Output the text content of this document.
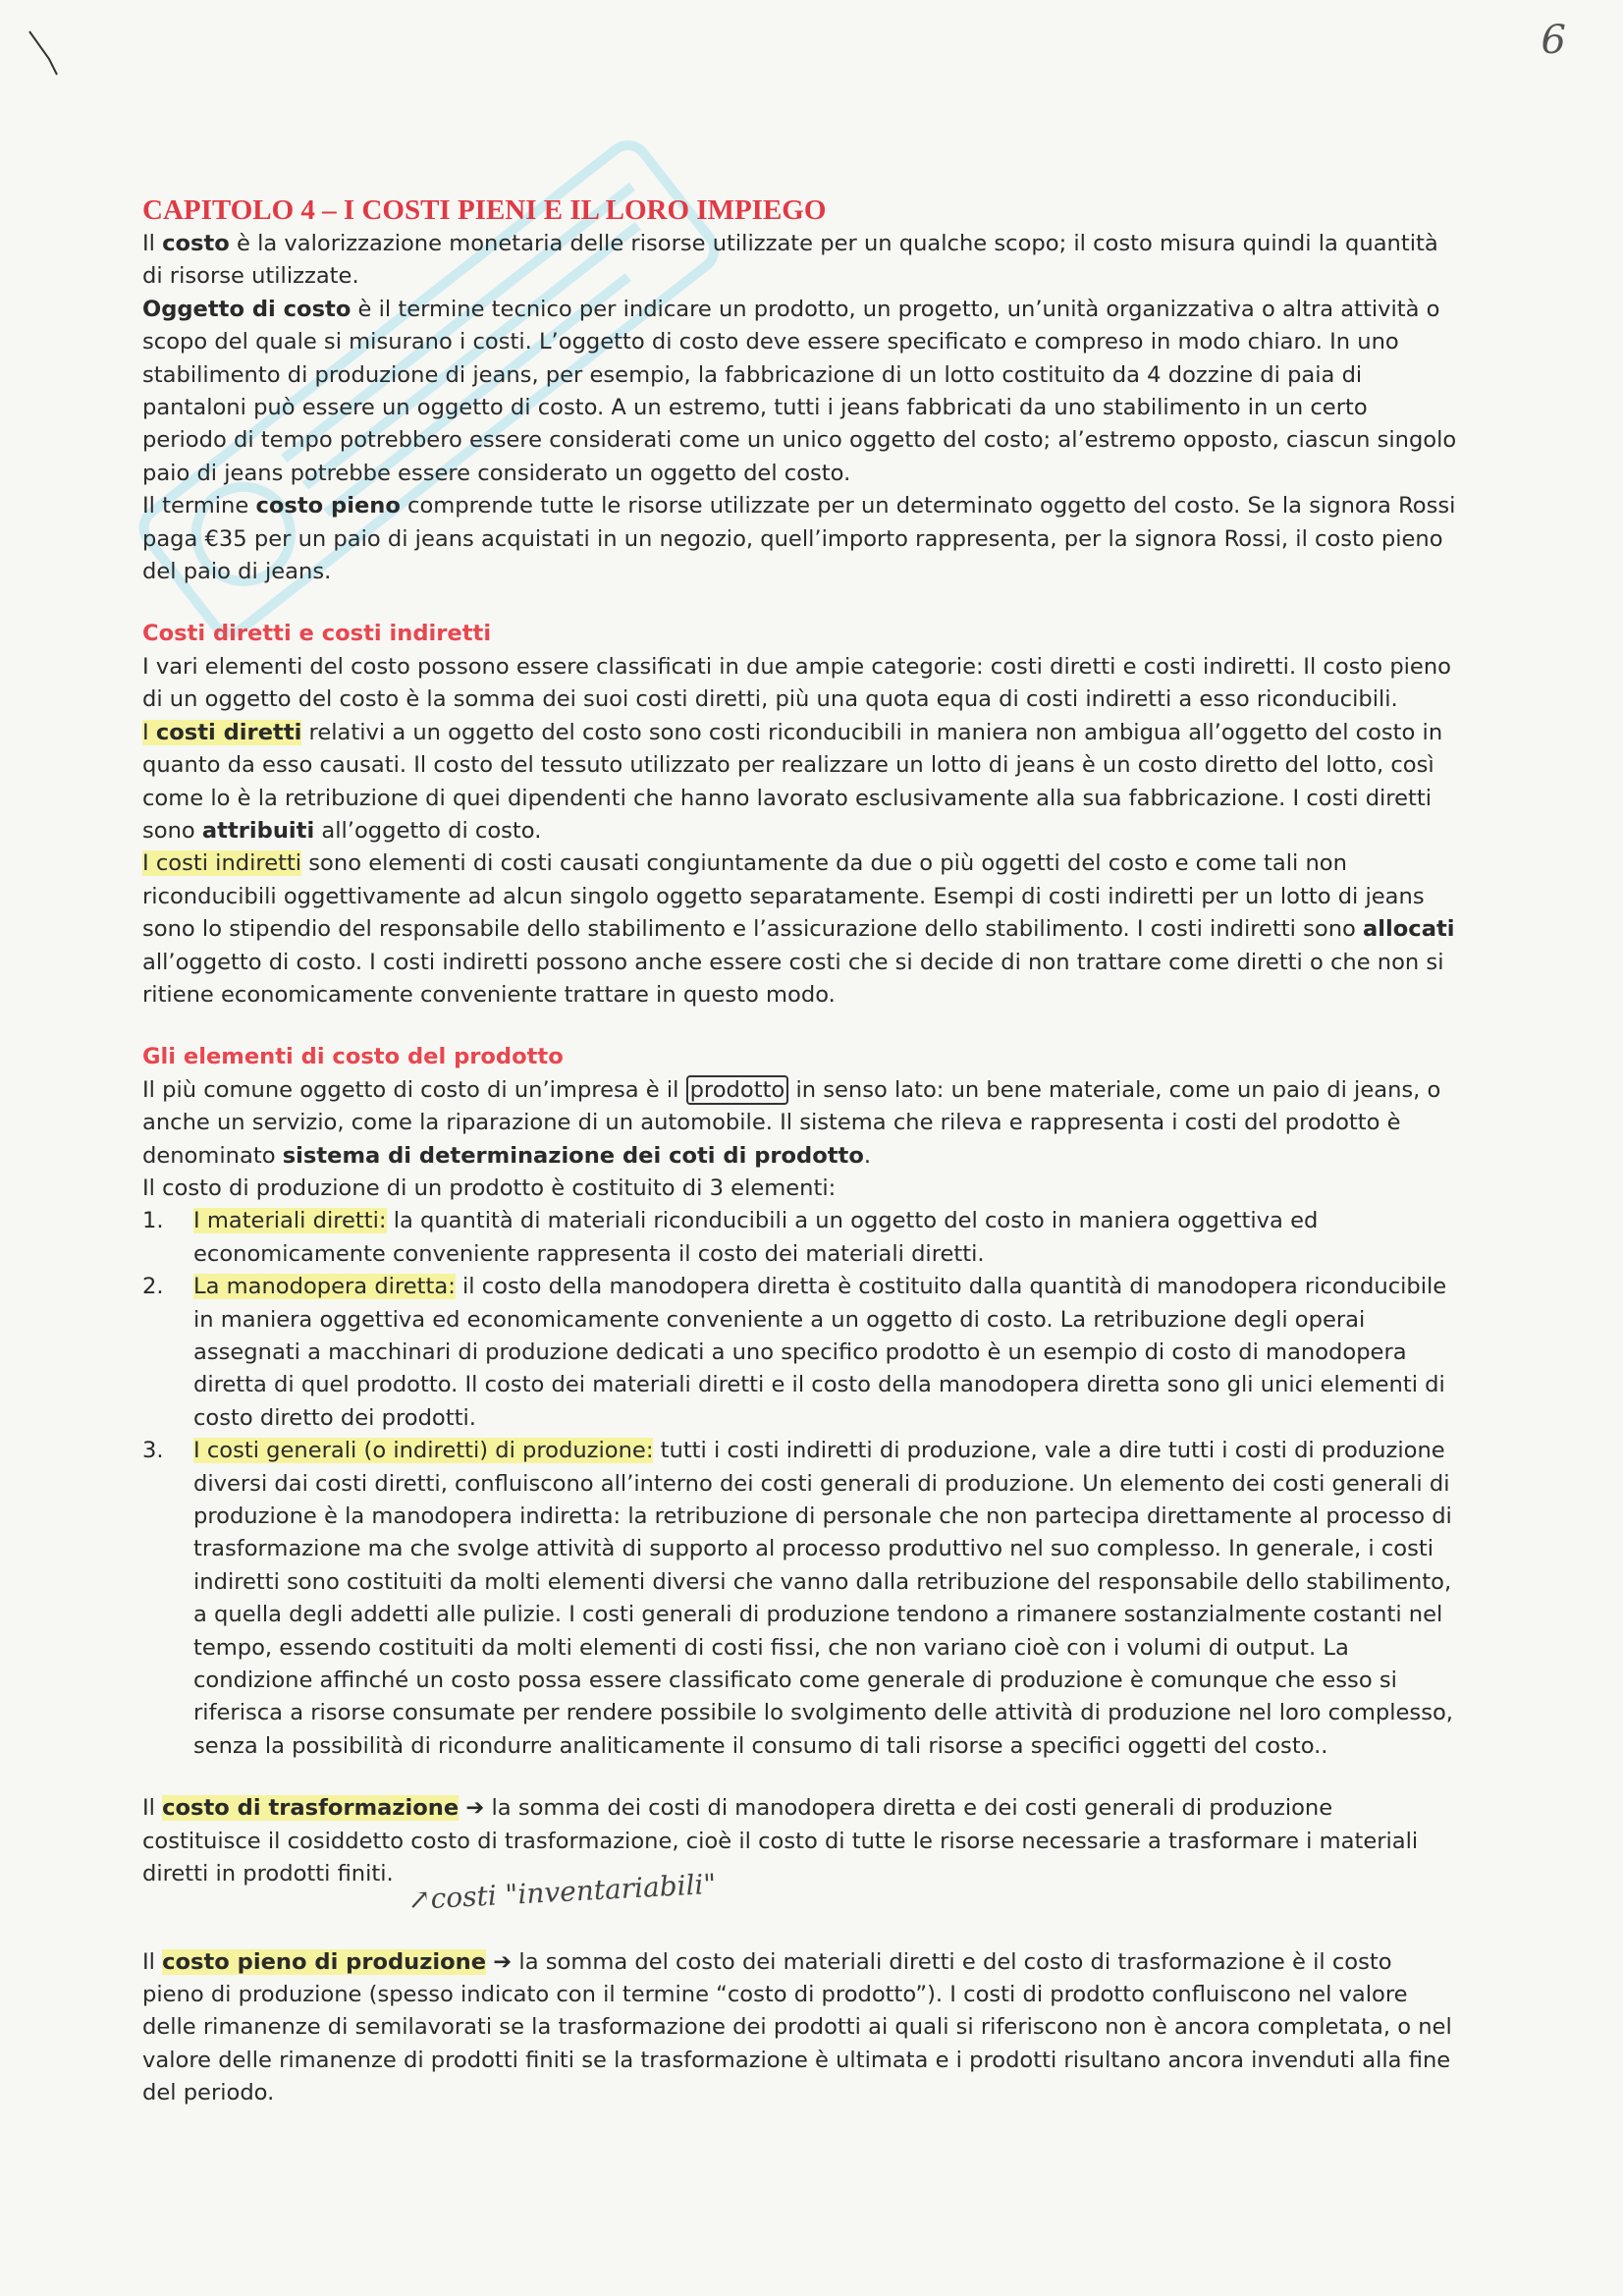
6
CAPITOLO 4 – I COSTI PIENI E IL LORO IMPIEGO

Il costo è la valorizzazione monetaria delle risorse utilizzate per un qualche scopo; il costo misura quindi la quantità di risorse utilizzate.

Oggetto di costo è il termine tecnico per indicare un prodotto, un progetto, un’unità organizzativa o altra attività o scopo del quale si misurano i costi. L’oggetto di costo deve essere specificato e compreso in modo chiaro. In uno stabilimento di produzione di jeans, per esempio, la fabbricazione di un lotto costituito da 4 dozzine di paia di pantaloni può essere un oggetto di costo. A un estremo, tutti i jeans fabbricati da uno stabilimento in un certo periodo di tempo potrebbero essere considerati come un unico oggetto del costo; al’estremo opposto, ciascun singolo paio di jeans potrebbe essere considerato un oggetto del costo.

Il termine costo pieno comprende tutte le risorse utilizzate per un determinato oggetto del costo. Se la signora Rossi paga €35 per un paio di jeans acquistati in un negozio, quell’importo rappresenta, per la signora Rossi, il costo pieno del paio di jeans.

Costi diretti e costi indiretti

I vari elementi del costo possono essere classificati in due ampie categorie: costi diretti e costi indiretti. Il costo pieno di un oggetto del costo è la somma dei suoi costi diretti, più una quota equa di costi indiretti a esso riconducibili.

I costi diretti relativi a un oggetto del costo sono costi riconducibili in maniera non ambigua all’oggetto del costo in quanto da esso causati. Il costo del tessuto utilizzato per realizzare un lotto di jeans è un costo diretto del lotto, così come lo è la retribuzione di quei dipendenti che hanno lavorato esclusivamente alla sua fabbricazione. I costi diretti sono attribuiti all’oggetto di costo.

I costi indiretti sono elementi di costi causati congiuntamente da due o più oggetti del costo e come tali non riconducibili oggettivamente ad alcun singolo oggetto separatamente. Esempi di costi indiretti per un lotto di jeans sono lo stipendio del responsabile dello stabilimento e l’assicurazione dello stabilimento. I costi indiretti sono allocati all’oggetto di costo. I costi indiretti possono anche essere costi che si decide di non trattare come diretti o che non si ritiene economicamente conveniente trattare in questo modo.

Gli elementi di costo del prodotto

Il più comune oggetto di costo di un’impresa è il prodotto in senso lato: un bene materiale, come un paio di jeans, o anche un servizio, come la riparazione di un automobile. Il sistema che rileva e rappresenta i costi del prodotto è denominato sistema di determinazione dei coti di prodotto.

Il costo di produzione di un prodotto è costituito di 3 elementi:

1. I materiali diretti: la quantità di materiali riconducibili a un oggetto del costo in maniera oggettiva ed economicamente conveniente rappresenta il costo dei materiali diretti.
2. La manodopera diretta: il costo della manodopera diretta è costituito dalla quantità di manodopera riconducibile in maniera oggettiva ed economicamente conveniente a un oggetto di costo. La retribuzione degli operai assegnati a macchinari di produzione dedicati a uno specifico prodotto è un esempio di costo di manodopera diretta di quel prodotto. Il costo dei materiali diretti e il costo della manodopera diretta sono gli unici elementi di costo diretto dei prodotti.
3. I costi generali (o indiretti) di produzione: tutti i costi indiretti di produzione, vale a dire tutti i costi di produzione diversi dai costi diretti, confluiscono all’interno dei costi generali di produzione. Un elemento dei costi generali di produzione è la manodopera indiretta: la retribuzione di personale che non partecipa direttamente al processo di trasformazione ma che svolge attività di supporto al processo produttivo nel suo complesso. In generale, i costi indiretti sono costituiti da molti elementi diversi che vanno dalla retribuzione del responsabile dello stabilimento, a quella degli addetti alle pulizie. I costi generali di produzione tendono a rimanere sostanzialmente costanti nel tempo, essendo costituiti da molti elementi di costi fissi, che non variano cioè con i volumi di output. La condizione affinché un costo possa essere classificato come generale di produzione è comunque che esso si riferisca a risorse consumate per rendere possibile lo svolgimento delle attività di produzione nel loro complesso, senza la possibilità di ricondurre analiticamente il consumo di tali risorse a specifici oggetti del costo..

Il costo di trasformazione ➔ la somma dei costi di manodopera diretta e dei costi generali di produzione costituisce il cosiddetto costo di trasformazione, cioè il costo di tutte le risorse necessarie a trasformare i materiali diretti in prodotti finiti.

Il costo pieno di produzione ➔ la somma del costo dei materiali diretti e del costo di trasformazione è il costo pieno di produzione (spesso indicato con il termine “costo di prodotto”). I costi di prodotto confluiscono nel valore delle rimanenze di semilavorati se la trasformazione dei prodotti ai quali si riferiscono non è ancora completata, o nel valore delle rimanenze di prodotti finiti se la trasformazione è ultimata e i prodotti risultano ancora invenduti alla fine del periodo.

↗costi "inventariabili"
